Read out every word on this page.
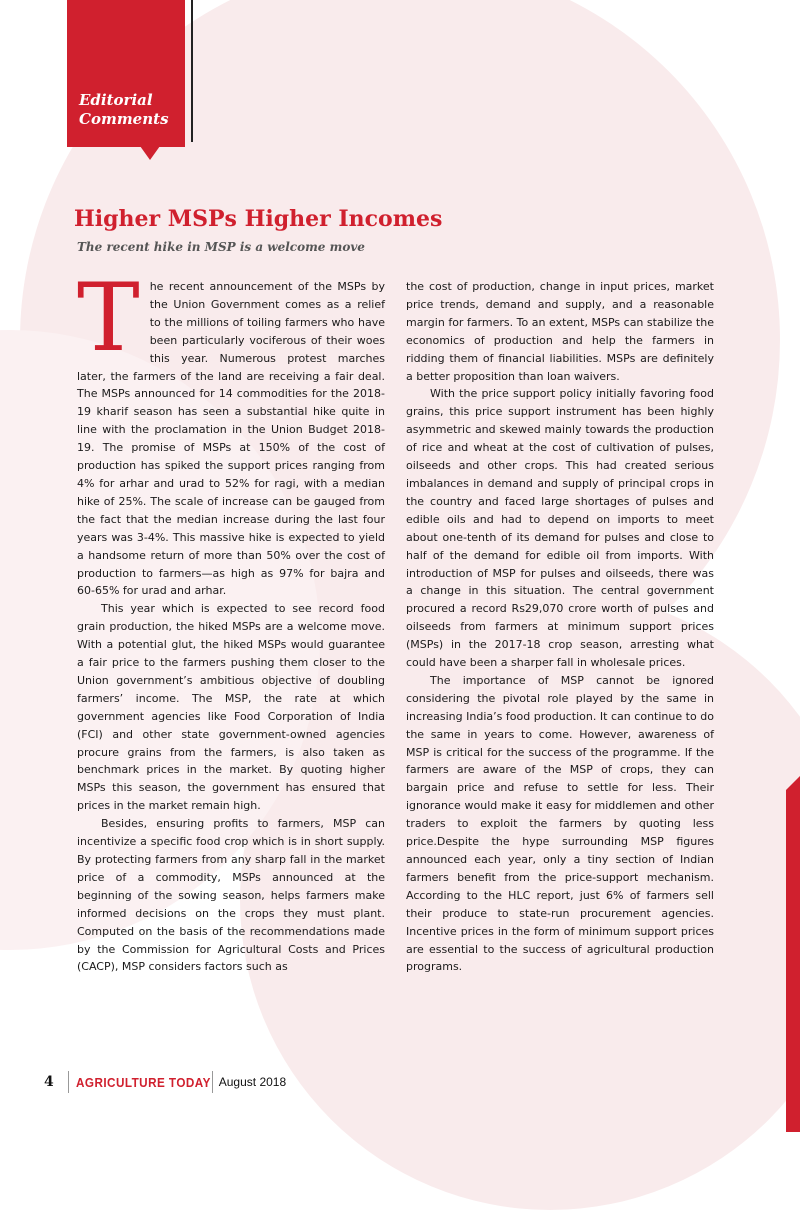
Editorial
Comments
Higher MSPs Higher Incomes

The recent hike in MSP is a welcome move

T he recent announcement of the MSPs by the Union Government comes as a relief to the millions of toiling farmers who have been particularly vociferous of their woes this year. Numerous protest marches later, the farmers of the land are receiving a fair deal. The MSPs announced for 14 commodities for the 2018-19 kharif season has seen a substantial hike quite in line with the proclamation in the Union Budget 2018-19. The promise of MSPs at 150% of the cost of production has spiked the support prices ranging from 4% for arhar and urad to 52% for ragi, with a median hike of 25%. The scale of increase can be gauged from the fact that the median increase during the last four years was 3-4%. This massive hike is expected to yield a handsome return of more than 50% over the cost of production to farmers—as high as 97% for bajra and 60-65% for urad and arhar.

This year which is expected to see record food grain production, the hiked MSPs are a welcome move. With a potential glut, the hiked MSPs would guarantee a fair price to the farmers pushing them closer to the Union government’s ambitious objective of doubling farmers’ income. The MSP, the rate at which government agencies like Food Corporation of India (FCI) and other state government-owned agencies procure grains from the farmers, is also taken as benchmark prices in the market. By quoting higher MSPs this season, the government has ensured that prices in the market remain high.

Besides, ensuring profits to farmers, MSP can incentivize a specific food crop which is in short supply. By protecting farmers from any sharp fall in the market price of a commodity, MSPs announced at the beginning of the sowing season, helps farmers make informed decisions on the crops they must plant. Computed on the basis of the recommendations made by the Commission for Agricultural Costs and Prices (CACP), MSP considers factors such as

the cost of production, change in input prices, market price trends, demand and supply, and a reasonable margin for farmers. To an extent, MSPs can stabilize the economics of production and help the farmers in ridding them of financial liabilities. MSPs are definitely a better proposition than loan waivers.

With the price support policy initially favoring food grains, this price support instrument has been highly asymmetric and skewed mainly towards the production of rice and wheat at the cost of cultivation of pulses, oilseeds and other crops. This had created serious imbalances in demand and supply of principal crops in the country and faced large shortages of pulses and edible oils and had to depend on imports to meet about one-tenth of its demand for pulses and close to half of the demand for edible oil from imports. With introduction of MSP for pulses and oilseeds, there was a change in this situation. The central government procured a record Rs29,070 crore worth of pulses and oilseeds from farmers at minimum support prices (MSPs) in the 2017-18 crop season, arresting what could have been a sharper fall in wholesale prices.

The importance of MSP cannot be ignored considering the pivotal role played by the same in increasing India’s food production. It can continue to do the same in years to come. However, awareness of MSP is critical for the success of the programme. If the farmers are aware of the MSP of crops, they can bargain price and refuse to settle for less. Their ignorance would make it easy for middlemen and other traders to exploit the farmers by quoting less price.Despite the hype surrounding MSP figures announced each year, only a tiny section of Indian farmers benefit from the price-support mechanism. According to the HLC report, just 6% of farmers sell their produce to state-run procurement agencies. Incentive prices in the form of minimum support prices are essential to the success of agricultural production programs.

4 AGRICULTURE TODAY August 2018
